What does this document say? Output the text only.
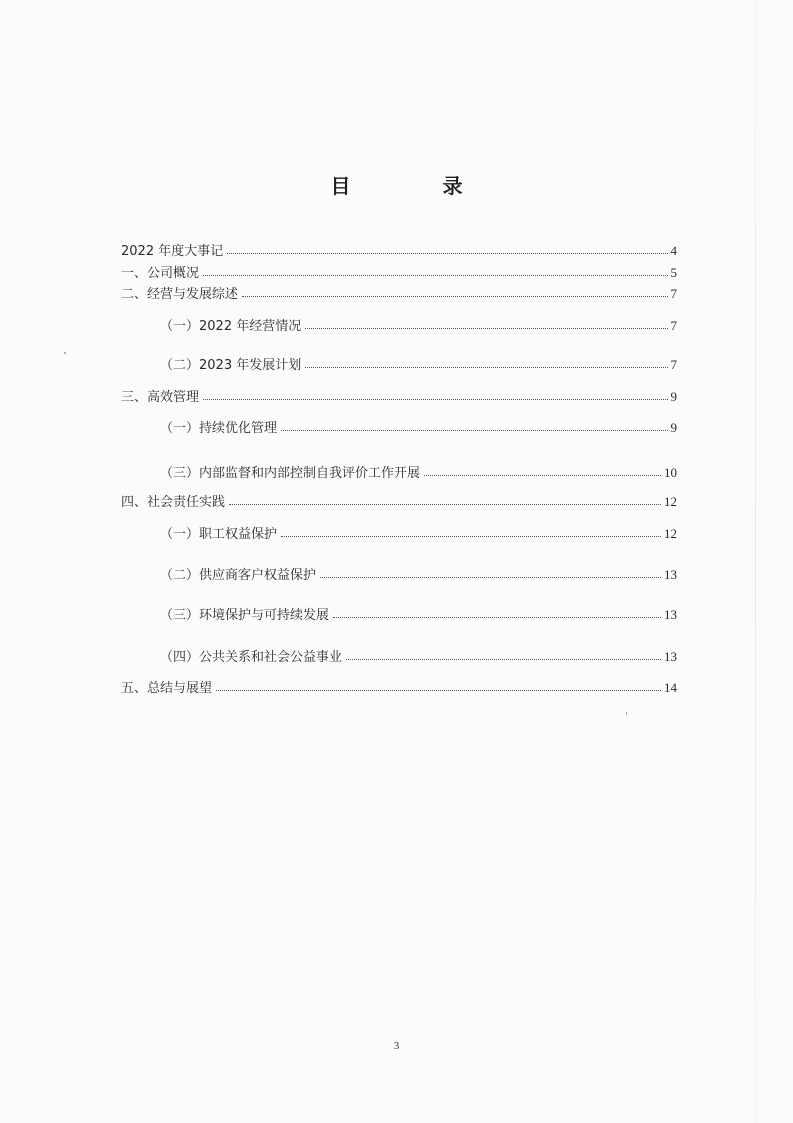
目　录
2022 年度大事记	4
一、公司概况	5
二、经营与发展综述	7
（一）2022 年经营情况	7
（二）2023 年发展计划	7
三、高效管理	9
（一）持续优化管理	9
（三）内部监督和内部控制自我评价工作开展	10
四、社会责任实践	12
（一）职工权益保护	12
（二）供应商客户权益保护	13
（三）环境保护与可持续发展	13
（四）公共关系和社会公益事业	13
五、总结与展望	14
3
